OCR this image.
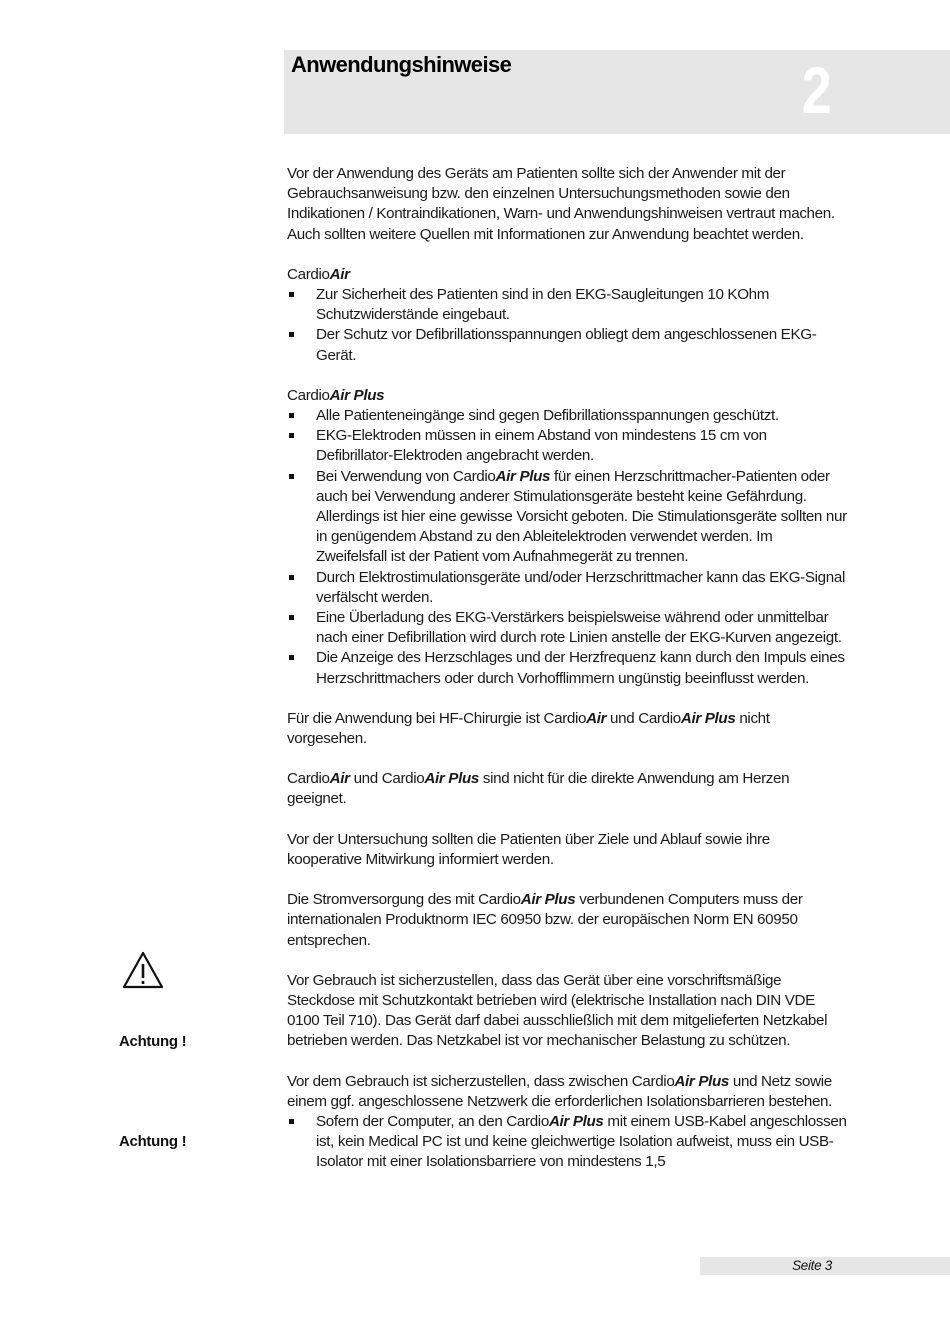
Anwendungshinweise	2
Achtung !
Achtung !

Vor der Anwendung des Geräts am Patienten sollte sich der Anwender mit der Gebrauchsanweisung bzw. den einzelnen Untersuchungsmethoden sowie den Indikationen / Kontraindikationen, Warn- und Anwendungshinweisen vertraut machen. Auch sollten weitere Quellen mit Informationen zur Anwendung beachtet werden.

CardioAir

Zur Sicherheit des Patienten sind in den EKG-Saugleitungen 10 KOhm Schutzwiderstände eingebaut.
Der Schutz vor Defibrillationsspannungen obliegt dem angeschlossenen EKG-Gerät.

CardioAir Plus

Alle Patienteneingänge sind gegen Defibrillationsspannungen geschützt.
EKG-Elektroden müssen in einem Abstand von mindestens 15 cm von Defibrillator-Elektroden angebracht werden.
Bei Verwendung von CardioAir Plus für einen Herzschrittmacher-Patienten oder auch bei Verwendung anderer Stimulationsgeräte besteht keine Gefährdung. Allerdings ist hier eine gewisse Vorsicht geboten. Die Stimulationsgeräte sollten nur in genügendem Abstand zu den Ableitelektroden verwendet werden. Im Zweifelsfall ist der Patient vom Aufnahmegerät zu trennen.
Durch Elektrostimulationsgeräte und/oder Herzschrittmacher kann das EKG-Signal verfälscht werden.
Eine Überladung des EKG-Verstärkers beispielsweise während oder unmittelbar nach einer Defibrillation wird durch rote Linien anstelle der EKG-Kurven angezeigt.
Die Anzeige des Herzschlages und der Herzfrequenz kann durch den Impuls eines Herzschrittmachers oder durch Vorhofflimmern ungünstig beeinflusst werden.

Für die Anwendung bei HF-Chirurgie ist CardioAir und CardioAir Plus nicht vorgesehen.

CardioAir und CardioAir Plus sind nicht für die direkte Anwendung am Herzen geeignet.

Vor der Untersuchung sollten die Patienten über Ziele und Ablauf sowie ihre kooperative Mitwirkung informiert werden.

Die Stromversorgung des mit CardioAir Plus verbundenen Computers muss der internationalen Produktnorm IEC 60950 bzw. der europäischen Norm EN 60950 entsprechen.

Vor Gebrauch ist sicherzustellen, dass das Gerät über eine vorschriftsmäßige Steckdose mit Schutzkontakt betrieben wird (elektrische Installation nach DIN VDE 0100 Teil 710). Das Gerät darf dabei ausschließlich mit dem mitgelieferten Netzkabel betrieben werden. Das Netzkabel ist vor mechanischer Belastung zu schützen.

Vor dem Gebrauch ist sicherzustellen, dass zwischen CardioAir Plus und Netz sowie einem ggf. angeschlossene Netzwerk die erforderlichen Isolationsbarrieren bestehen.

Sofern der Computer, an den CardioAir Plus mit einem USB-Kabel angeschlossen ist, kein Medical PC ist und keine gleichwertige Isolation aufweist, muss ein USB-Isolator mit einer Isolationsbarriere von mindestens 1,5
Seite 3
